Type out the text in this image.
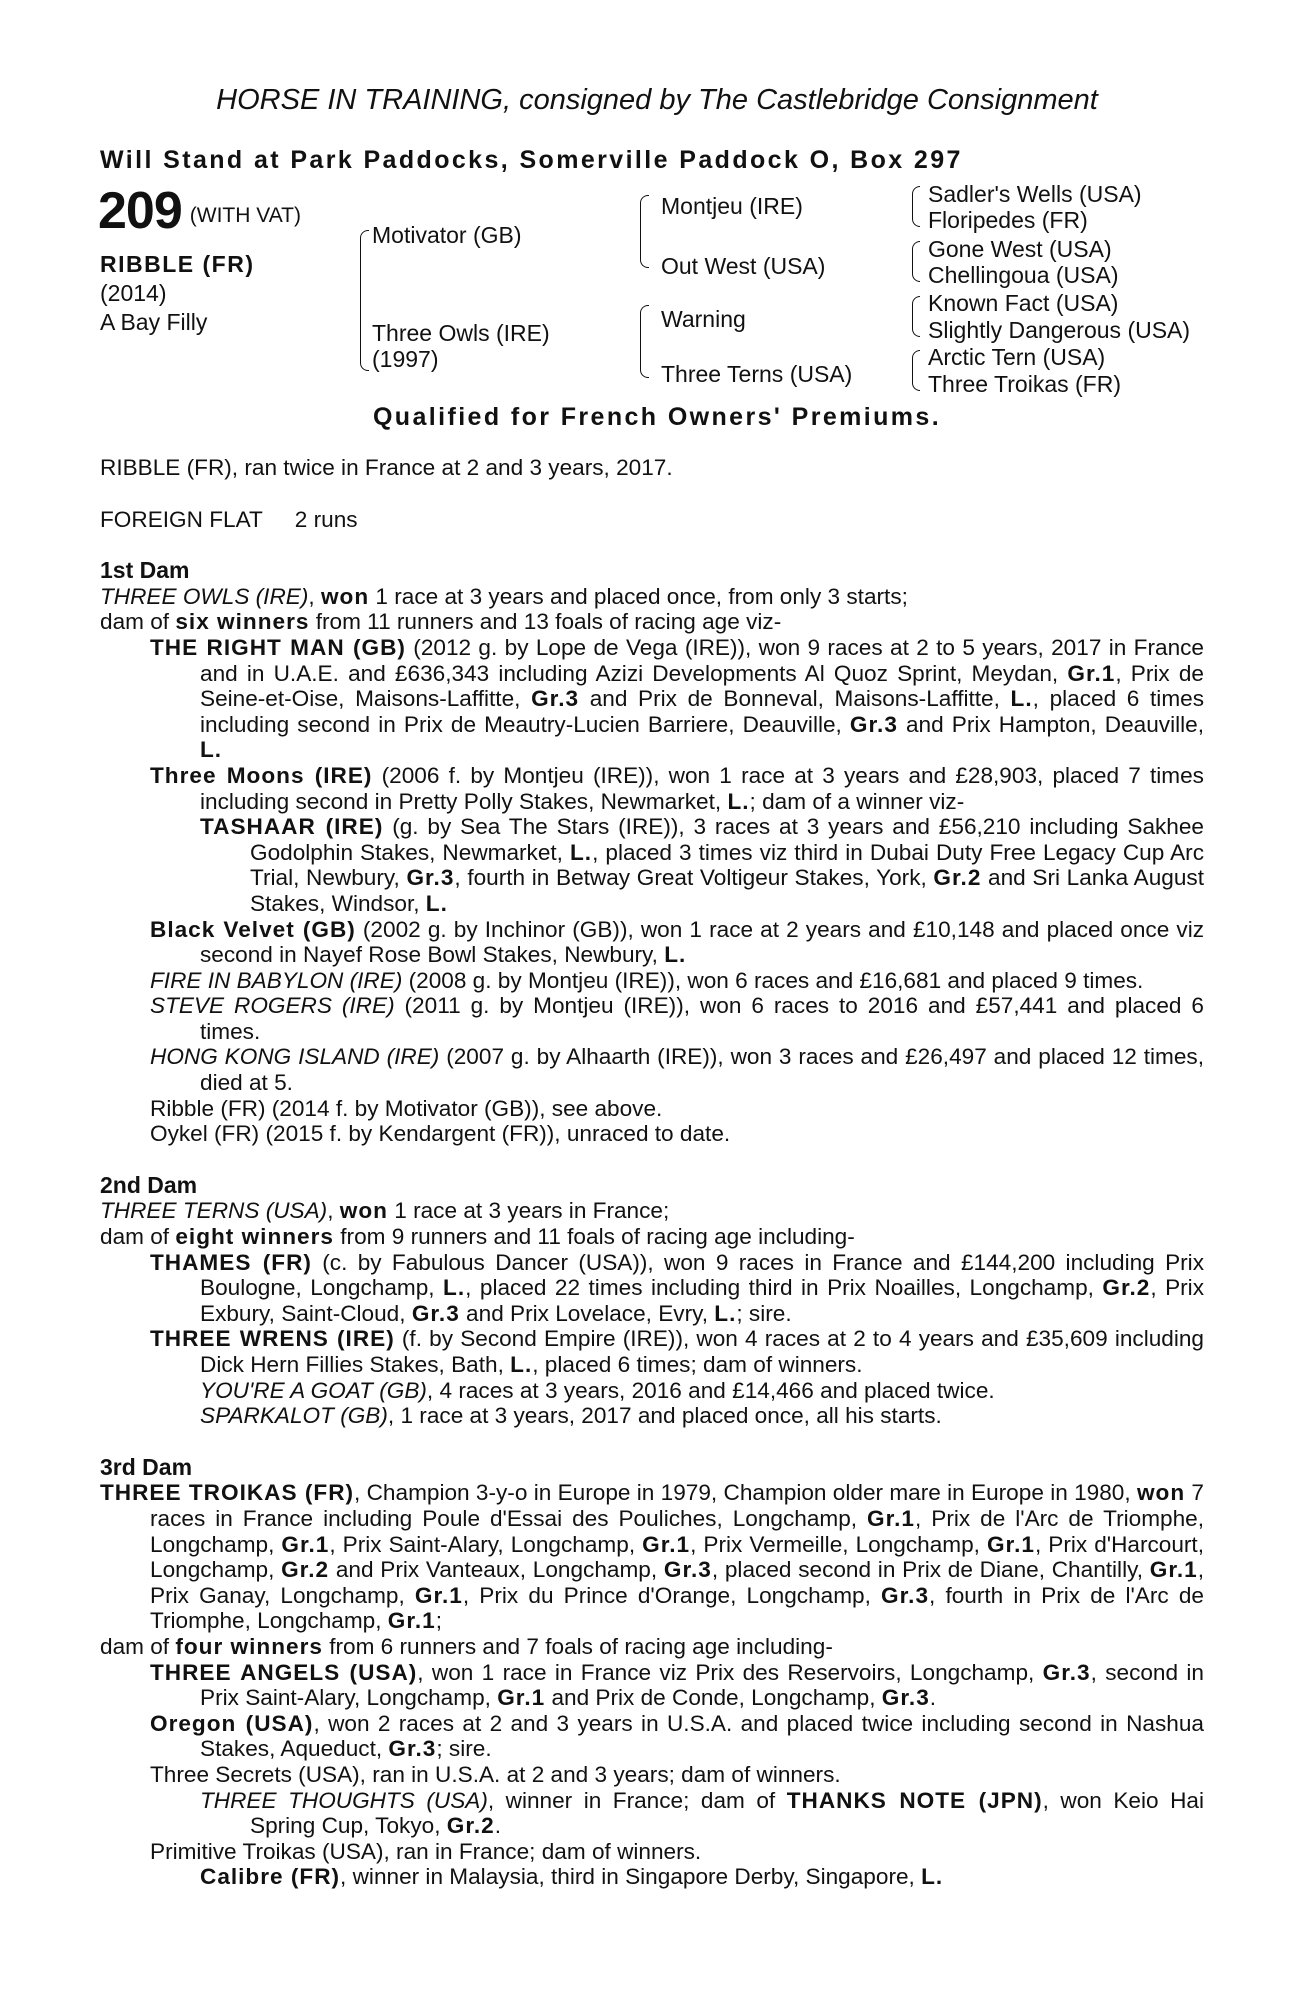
HORSE IN TRAINING, consigned by The Castlebridge Consignment
Will Stand at Park Paddocks, Somerville Paddock O, Box 297
209 (WITH VAT)
RIBBLE (FR)
(2014)
A Bay Filly
Motivator (GB)
Three Owls (IRE)
(1997)
Montjeu (IRE)
Out West (USA)
Warning
Three Terns (USA)
Sadler's Wells (USA)
Floripedes (FR)
Gone West (USA)
Chellingoua (USA)
Known Fact (USA)
Slightly Dangerous (USA)
Arctic Tern (USA)
Three Troikas (FR)
Qualified for French Owners' Premiums.

RIBBLE (FR), ran twice in France at 2 and 3 years, 2017.

FOREIGN FLAT 2 runs

1st Dam

THREE OWLS (IRE), won 1 race at 3 years and placed once, from only 3 starts;

dam of six winners from 11 runners and 13 foals of racing age viz-

THE RIGHT MAN (GB) (2012 g. by Lope de Vega (IRE)), won 9 races at 2 to 5 years, 2017 in France and in U.A.E. and £636,343 including Azizi Developments Al Quoz Sprint, Meydan, Gr.1, Prix de Seine-et-Oise, Maisons-Laffitte, Gr.3 and Prix de Bonneval, Maisons-Laffitte, L., placed 6 times including second in Prix de Meautry-Lucien Barriere, Deauville, Gr.3 and Prix Hampton, Deauville, L.

Three Moons (IRE) (2006 f. by Montjeu (IRE)), won 1 race at 3 years and £28,903, placed 7 times including second in Pretty Polly Stakes, Newmarket, L.; dam of a winner viz-

TASHAAR (IRE) (g. by Sea The Stars (IRE)), 3 races at 3 years and £56,210 including Sakhee Godolphin Stakes, Newmarket, L., placed 3 times viz third in Dubai Duty Free Legacy Cup Arc Trial, Newbury, Gr.3, fourth in Betway Great Voltigeur Stakes, York, Gr.2 and Sri Lanka August Stakes, Windsor, L.

Black Velvet (GB) (2002 g. by Inchinor (GB)), won 1 race at 2 years and £10,148 and placed once viz second in Nayef Rose Bowl Stakes, Newbury, L.

FIRE IN BABYLON (IRE) (2008 g. by Montjeu (IRE)), won 6 races and £16,681 and placed 9 times.

STEVE ROGERS (IRE) (2011 g. by Montjeu (IRE)), won 6 races to 2016 and £57,441 and placed 6 times.

HONG KONG ISLAND (IRE) (2007 g. by Alhaarth (IRE)), won 3 races and £26,497 and placed 12 times, died at 5.

Ribble (FR) (2014 f. by Motivator (GB)), see above.

Oykel (FR) (2015 f. by Kendargent (FR)), unraced to date.

2nd Dam

THREE TERNS (USA), won 1 race at 3 years in France;

dam of eight winners from 9 runners and 11 foals of racing age including-

THAMES (FR) (c. by Fabulous Dancer (USA)), won 9 races in France and £144,200 including Prix Boulogne, Longchamp, L., placed 22 times including third in Prix Noailles, Longchamp, Gr.2, Prix Exbury, Saint-Cloud, Gr.3 and Prix Lovelace, Evry, L.; sire.

THREE WRENS (IRE) (f. by Second Empire (IRE)), won 4 races at 2 to 4 years and £35,609 including Dick Hern Fillies Stakes, Bath, L., placed 6 times; dam of winners.

YOU'RE A GOAT (GB), 4 races at 3 years, 2016 and £14,466 and placed twice.

SPARKALOT (GB), 1 race at 3 years, 2017 and placed once, all his starts.

3rd Dam

THREE TROIKAS (FR), Champion 3-y-o in Europe in 1979, Champion older mare in Europe in 1980, won 7 races in France including Poule d'Essai des Pouliches, Longchamp, Gr.1, Prix de l'Arc de Triomphe, Longchamp, Gr.1, Prix Saint-Alary, Longchamp, Gr.1, Prix Vermeille, Longchamp, Gr.1, Prix d'Harcourt, Longchamp, Gr.2 and Prix Vanteaux, Longchamp, Gr.3, placed second in Prix de Diane, Chantilly, Gr.1, Prix Ganay, Longchamp, Gr.1, Prix du Prince d'Orange, Longchamp, Gr.3, fourth in Prix de l'Arc de Triomphe, Longchamp, Gr.1;

dam of four winners from 6 runners and 7 foals of racing age including-

THREE ANGELS (USA), won 1 race in France viz Prix des Reservoirs, Longchamp, Gr.3, second in Prix Saint-Alary, Longchamp, Gr.1 and Prix de Conde, Longchamp, Gr.3.

Oregon (USA), won 2 races at 2 and 3 years in U.S.A. and placed twice including second in Nashua Stakes, Aqueduct, Gr.3; sire.

Three Secrets (USA), ran in U.S.A. at 2 and 3 years; dam of winners.

THREE THOUGHTS (USA), winner in France; dam of THANKS NOTE (JPN), won Keio Hai Spring Cup, Tokyo, Gr.2.

Primitive Troikas (USA), ran in France; dam of winners.

Calibre (FR), winner in Malaysia, third in Singapore Derby, Singapore, L.
